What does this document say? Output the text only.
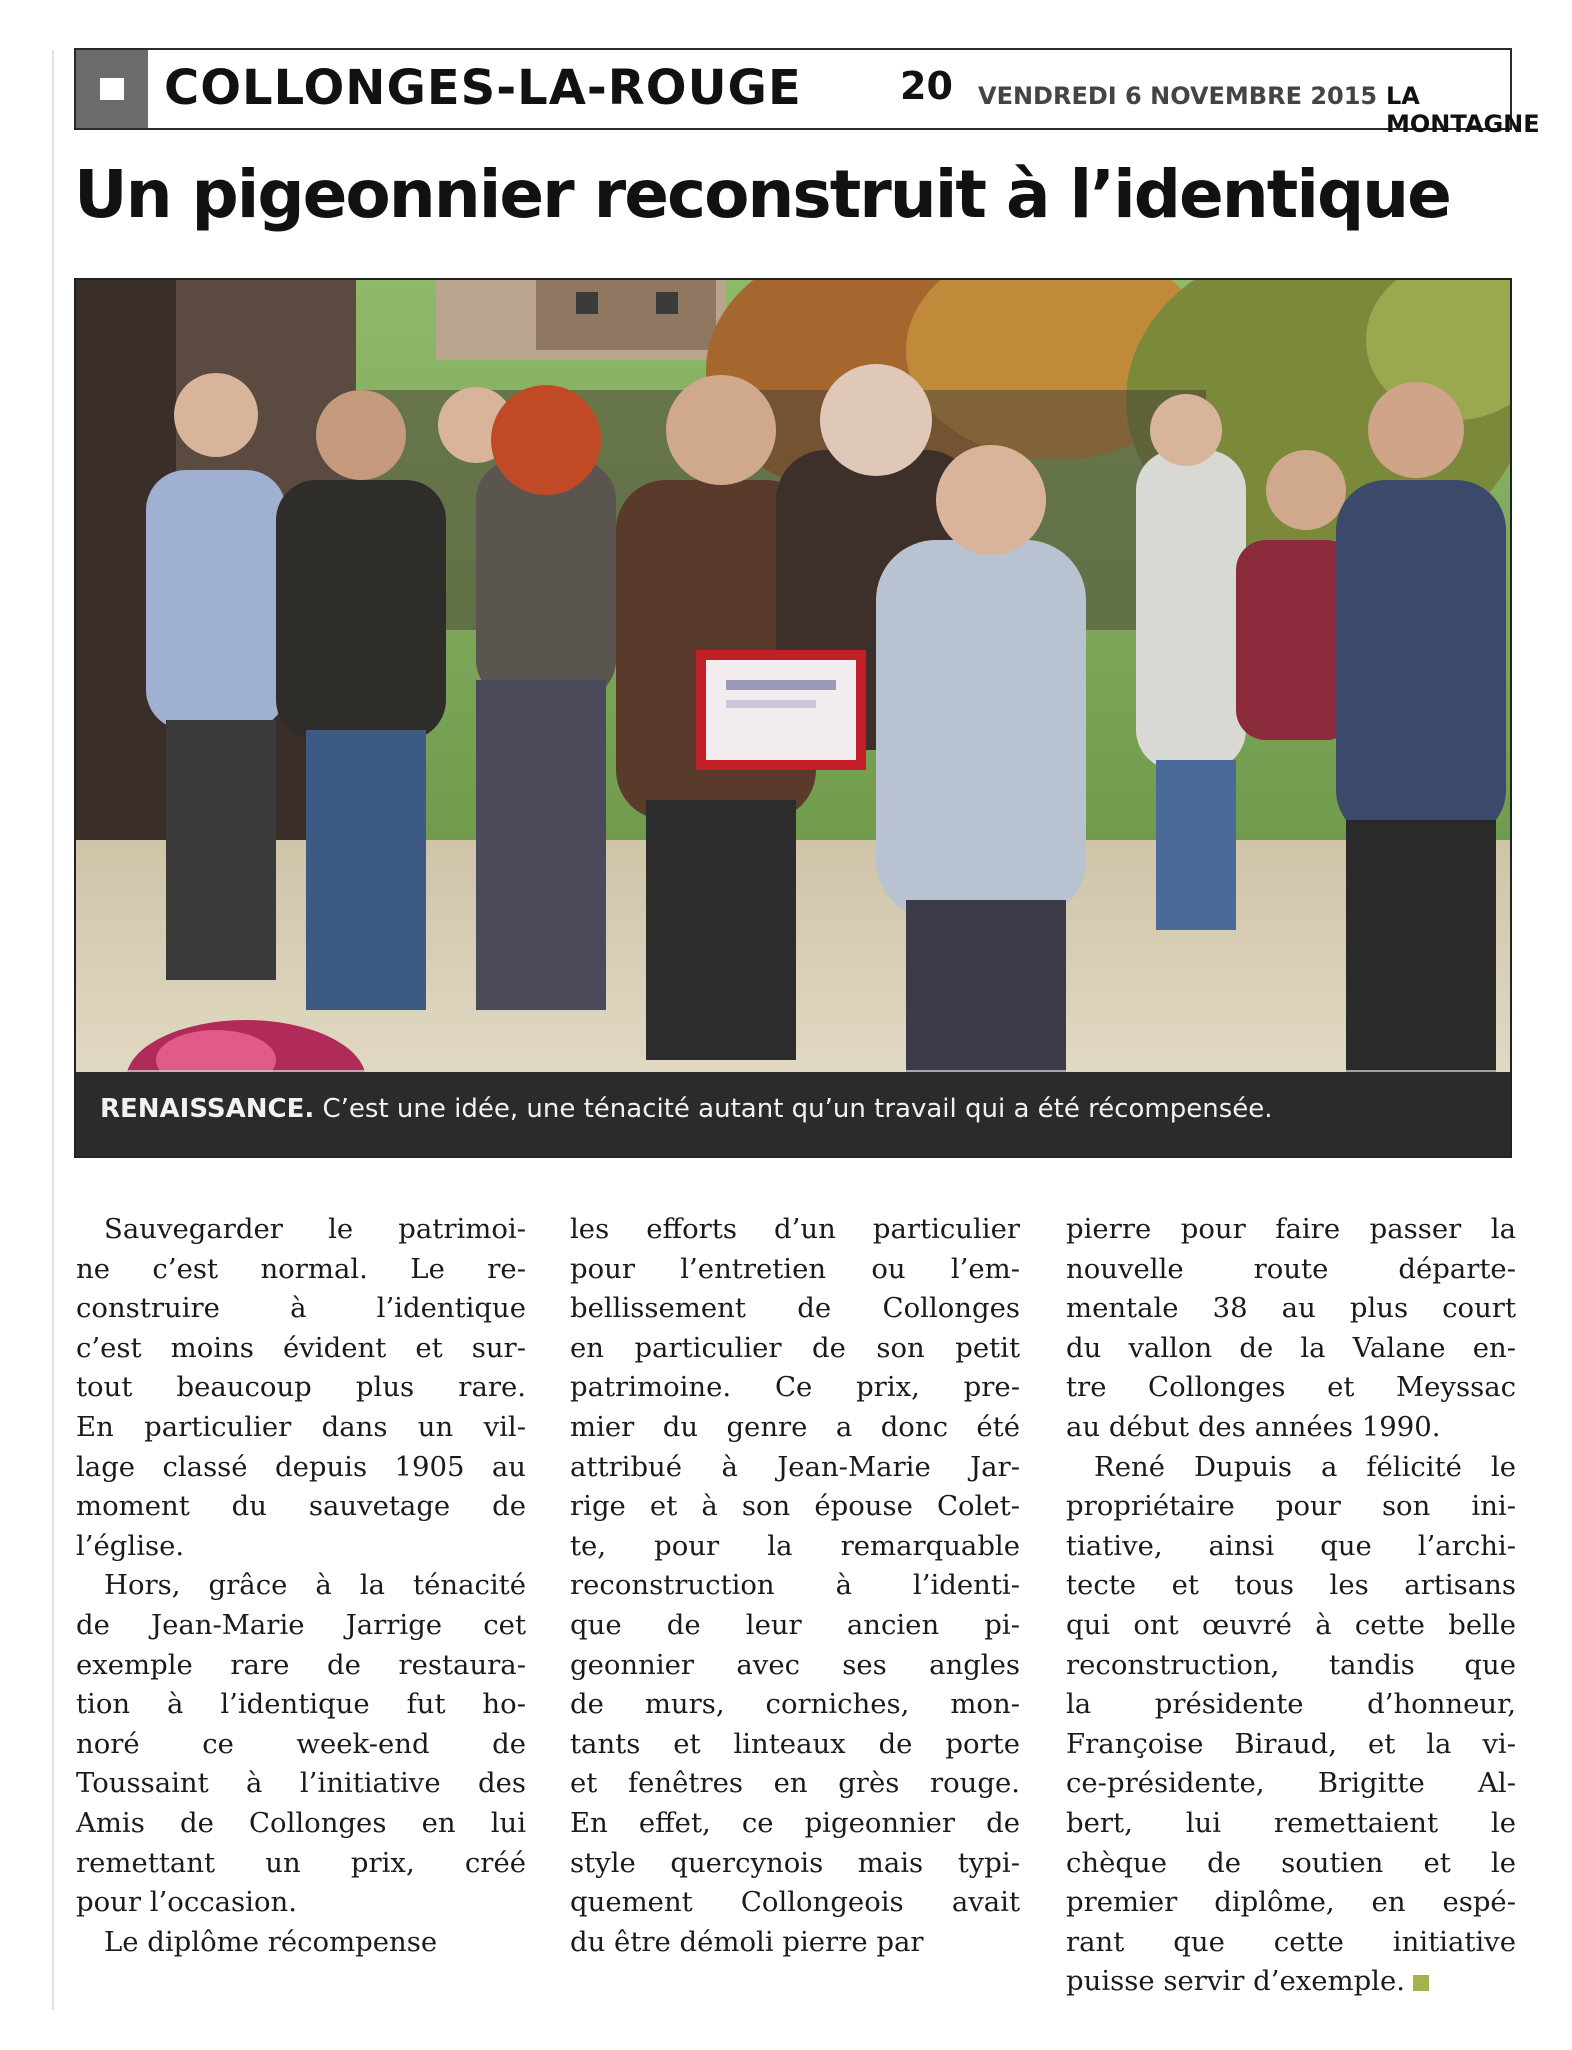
COLLONGES-LA-ROUGE	20 VENDREDI 6 NOVEMBRE 2015 LA MONTAGNE
Un pigeonnier reconstruit à l’identique
RENAISSANCE. C’est une idée, une ténacité autant qu’un travail qui a été récompensée.

Sauvegarder le patrimoi-
ne c’est normal. Le re-
construire à l’identique
c’est moins évident et sur-
tout beaucoup plus rare.
En particulier dans un vil-
lage classé depuis 1905 au
moment du sauvetage de
l’église.

Hors, grâce à la ténacité
de Jean-Marie Jarrige cet
exemple rare de restaura-
tion à l’identique fut ho-
noré ce week-end de
Toussaint à l’initiative des
Amis de Collonges en lui
remettant un prix, créé
pour l’occasion.

Le diplôme récompense

les efforts d’un particulier
pour l’entretien ou l’em-
bellissement de Collonges
en particulier de son petit
patrimoine. Ce prix, pre-
mier du genre a donc été
attribué à Jean-Marie Jar-
rige et à son épouse Colet-
te, pour la remarquable
reconstruction à l’identi-
que de leur ancien pi-
geonnier avec ses angles
de murs, corniches, mon-
tants et linteaux de porte
et fenêtres en grès rouge.
En effet, ce pigeonnier de
style quercynois mais typi-
quement Collongeois avait
du être démoli pierre par

pierre pour faire passer la
nouvelle route départe-
mentale 38 au plus court
du vallon de la Valane en-
tre Collonges et Meyssac
au début des années 1990.

René Dupuis a félicité le
propriétaire pour son ini-
tiative, ainsi que l’archi-
tecte et tous les artisans
qui ont œuvré à cette belle
reconstruction, tandis que
la présidente d’honneur,
Françoise Biraud, et la vi-
ce-présidente, Brigitte Al-
bert, lui remettaient le
chèque de soutien et le
premier diplôme, en espé-
rant que cette initiative
puisse servir d’exemple.
